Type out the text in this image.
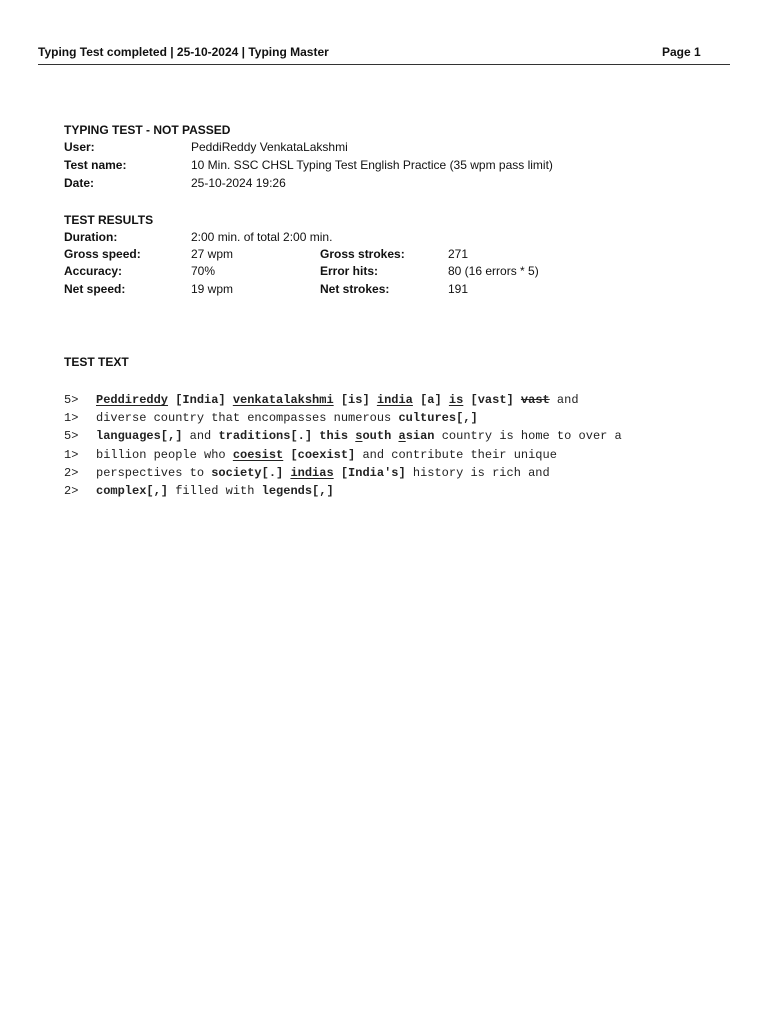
Typing Test completed | 25-10-2024 | Typing Master	Page 1
TYPING TEST - NOT PASSED
User:	PeddiReddy VenkataLakshmi
Test name:	10 Min. SSC CHSL Typing Test English Practice (35 wpm pass limit)
Date:	25-10-2024 19:26
TEST RESULTS
Duration:	2:00 min. of total 2:00 min.
Gross speed:	27 wpm	Gross strokes:	271
Accuracy:	70%	Error hits:	80 (16 errors * 5)
Net speed:	19 wpm	Net strokes:	191
TEST TEXT
5> Peddireddy [India] venkatalakshmi [is] india [a] is [vast] vast and
1> diverse country that encompasses numerous cultures[,]
5> languages[,] and traditions[.] this south asian country is home to over a
1> billion people who coesist [coexist] and contribute their unique
2> perspectives to society[.] indias [India's] history is rich and
2> complex[,] filled with legends[,]
